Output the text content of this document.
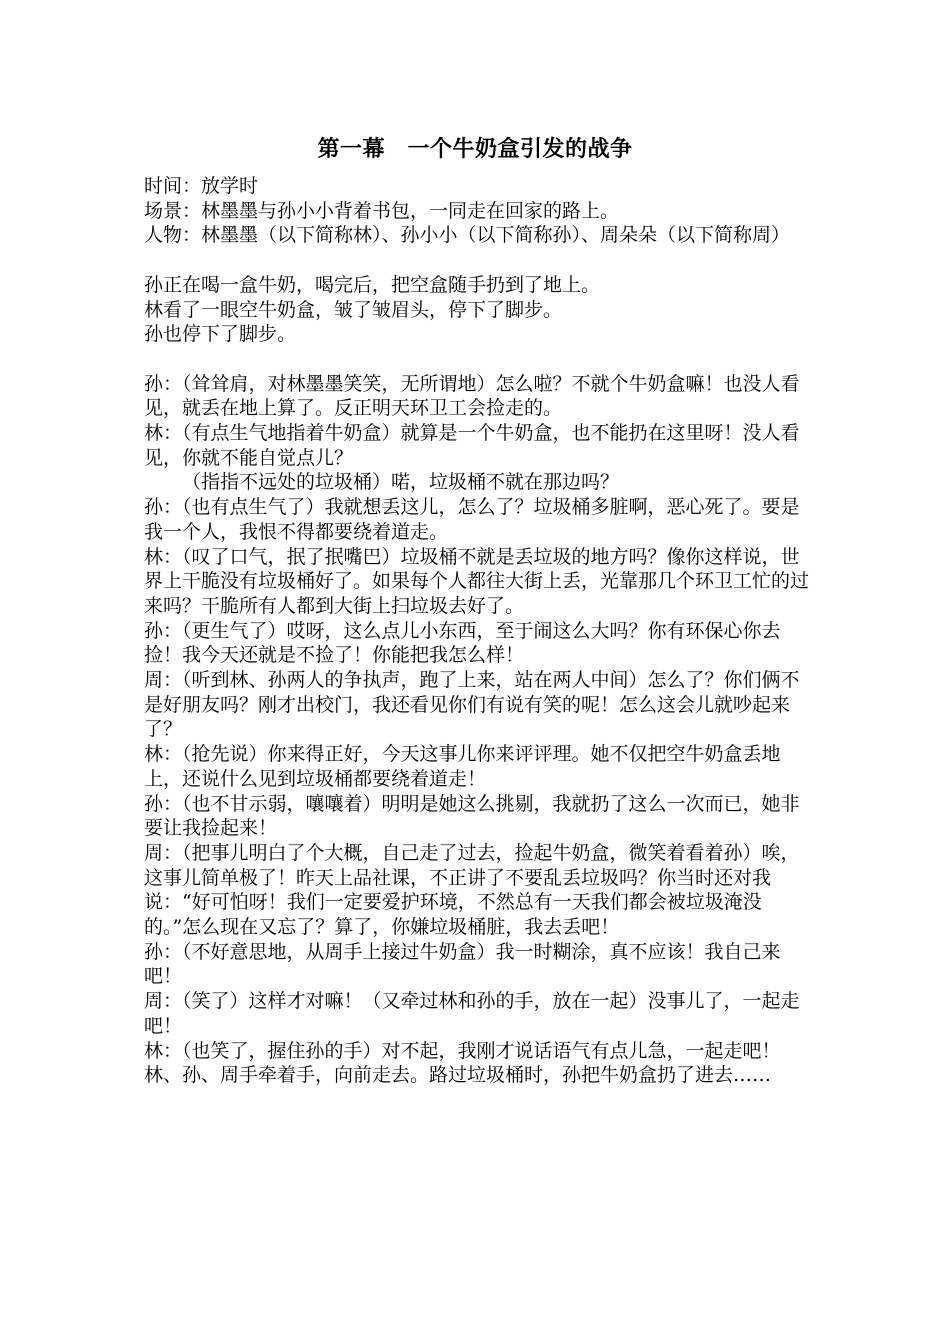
第一幕　一个牛奶盒引发的战争

时间：放学时

场景：林墨墨与孙小小背着书包，一同走在回家的路上。

人物：林墨墨（以下简称林）、孙小小（以下简称孙）、周朵朵（以下简称周）

孙正在喝一盒牛奶，喝完后，把空盒随手扔到了地上。

林看了一眼空牛奶盒，皱了皱眉头，停下了脚步。

孙也停下了脚步。

孙：（耸耸肩，对林墨墨笑笑，无所谓地）怎么啦？不就个牛奶盒嘛！也没人看见，就丢在地上算了。反正明天环卫工会捡走的。

林：（有点生气地指着牛奶盒）就算是一个牛奶盒，也不能扔在这里呀！没人看见，你就不能自觉点儿？

（指指不远处的垃圾桶）喏，垃圾桶不就在那边吗？

孙：（也有点生气了）我就想丢这儿，怎么了？垃圾桶多脏啊，恶心死了。要是我一个人，我恨不得都要绕着道走。

林：（叹了口气，抿了抿嘴巴）垃圾桶不就是丢垃圾的地方吗？像你这样说，世界上干脆没有垃圾桶好了。如果每个人都往大街上丢，光靠那几个环卫工忙的过来吗？干脆所有人都到大街上扫垃圾去好了。

孙：（更生气了）哎呀，这么点儿小东西，至于闹这么大吗？你有环保心你去捡！我今天还就是不捡了！你能把我怎么样！

周：（听到林、孙两人的争执声，跑了上来，站在两人中间）怎么了？你们俩不是好朋友吗？刚才出校门，我还看见你们有说有笑的呢！怎么这会儿就吵起来了？

林：（抢先说）你来得正好，今天这事儿你来评评理。她不仅把空牛奶盒丢地上，还说什么见到垃圾桶都要绕着道走！

孙：（也不甘示弱，嚷嚷着）明明是她这么挑剔，我就扔了这么一次而已，她非要让我捡起来！

周：（把事儿明白了个大概，自己走了过去，捡起牛奶盒，微笑着看着孙）唉，这事儿简单极了！昨天上品社课，不正讲了不要乱丢垃圾吗？你当时还对我说：“好可怕呀！我们一定要爱护环境，不然总有一天我们都会被垃圾淹没的。”怎么现在又忘了？算了，你嫌垃圾桶脏，我去丢吧！

孙：（不好意思地，从周手上接过牛奶盒）我一时糊涂，真不应该！我自己来吧！

周：（笑了）这样才对嘛！（又牵过林和孙的手，放在一起）没事儿了，一起走吧！

林：（也笑了，握住孙的手）对不起，我刚才说话语气有点儿急，一起走吧！

林、孙、周手牵着手，向前走去。路过垃圾桶时，孙把牛奶盒扔了进去……
